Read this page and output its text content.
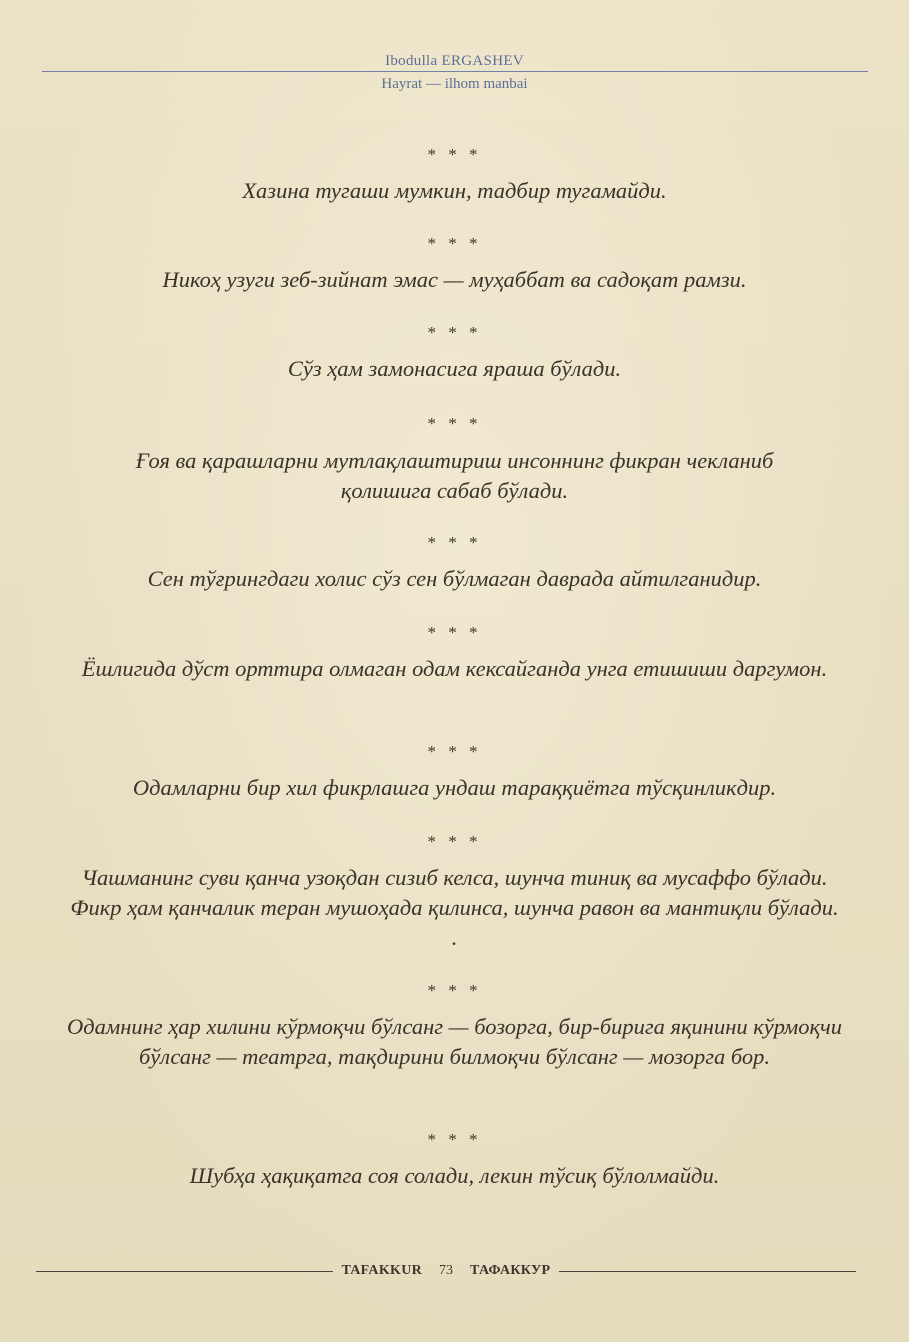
Ibodulla ERGASHEV
Hayrat — ilhom manbai
* * *
Хазина тугаши мумкин, тадбир тугамайди.
* * *
Никоҳ узуги зеб-зийнат эмас — муҳаббат ва садоқат рамзи.
* * *
Сўз ҳам замонасига яраша бўлади.
* * *
Ғоя ва қарашларни мутлақлаштириш инсоннинг фикран чекланиб қолишига сабаб бўлади.
* * *
Сен тўғрингдаги холис сўз сен бўлмаган даврада айтилганидир.
* * *
Ёшлигида дўст орттира олмаган одам кексайганда унга етишиши даргумон.
* * *
Одамларни бир хил фикрлашга ундаш тараққиётга тўсқинликдир.
* * *
Чашманинг суви қанча узоқдан сизиб келса, шунча тиниқ ва мусаффо бўлади. Фикр ҳам қанчалик теран мушоҳада қилинса, шунча равон ва мантиқли бўлади. .
* * *
Одамнинг ҳар хилини кўрмоқчи бўлсанг — бозорга, бир-бирига яқинини кўрмоқчи бўлсанг — театрга, тақдирини билмоқчи бўлсанг — мозорга бор.
* * *
Шубҳа ҳақиқатга соя солади, лекин тўсиқ бўлолмайди.
TAFAKKUR	73	ТАФАККУР
